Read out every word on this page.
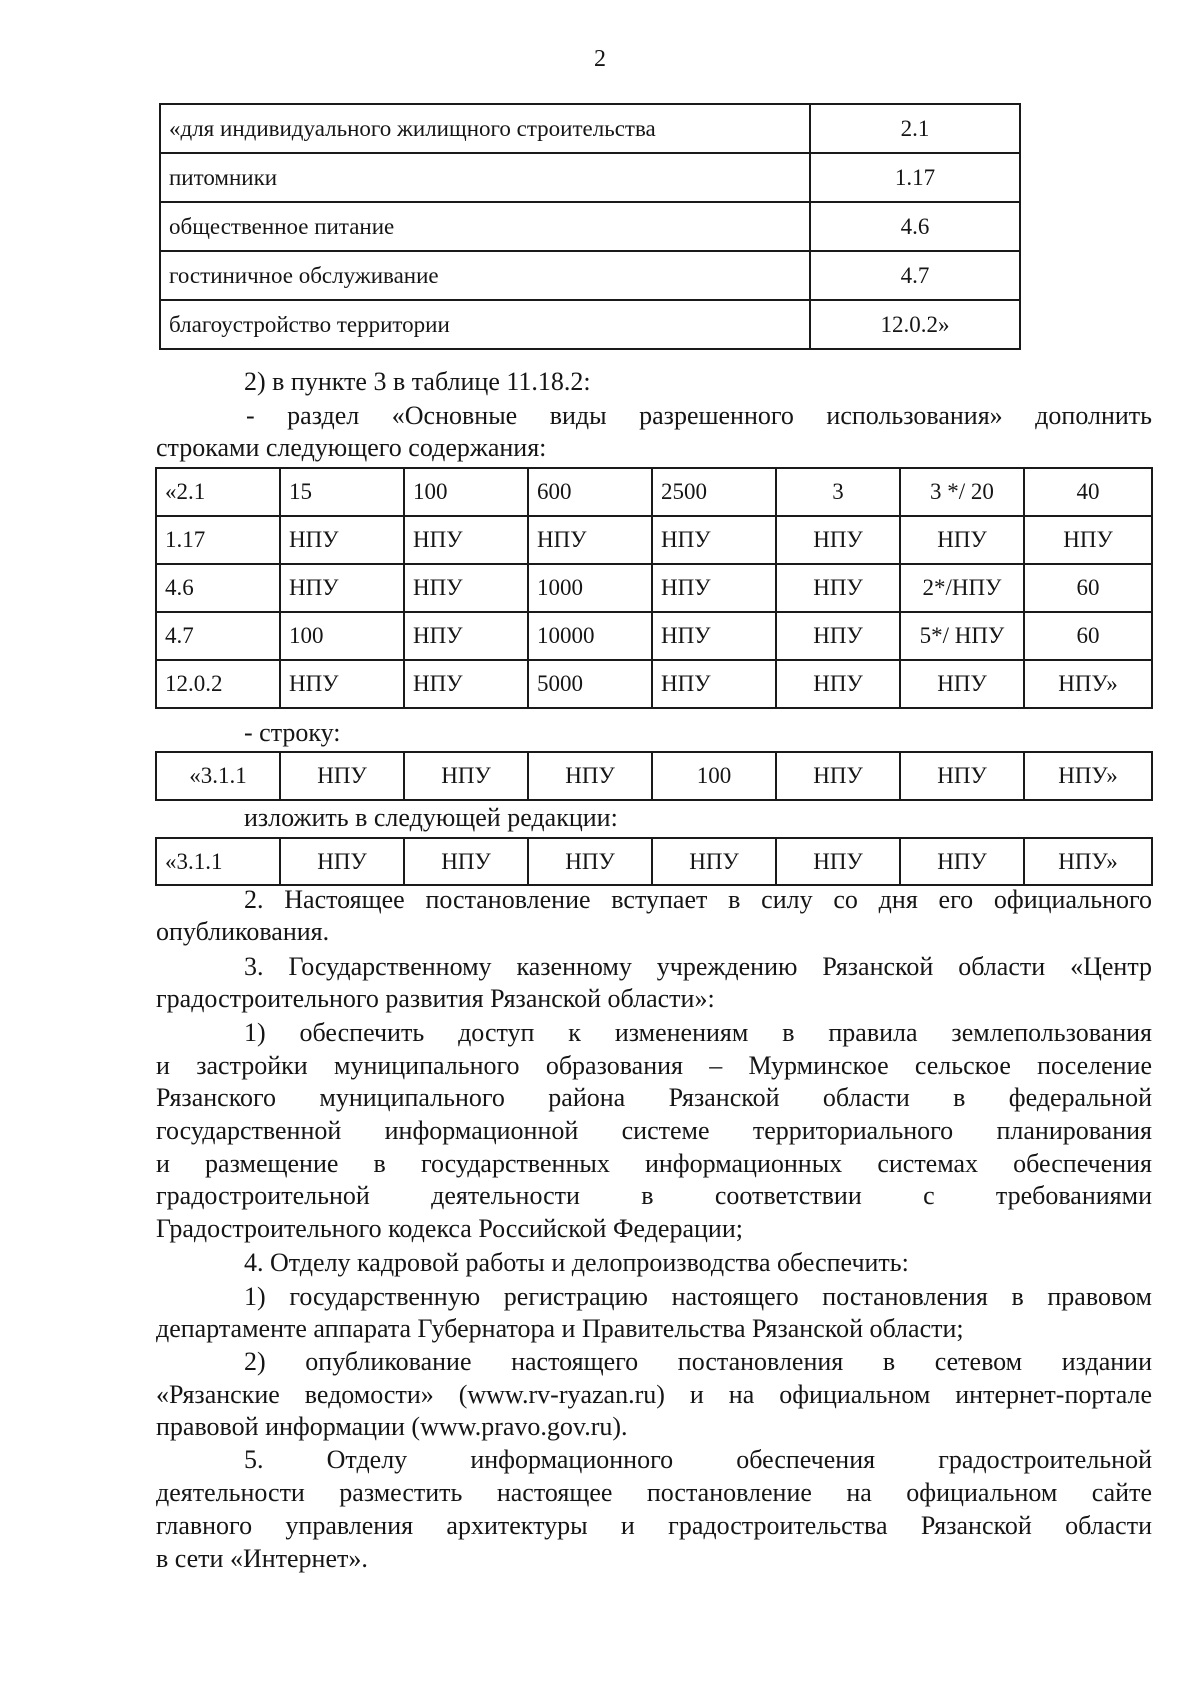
2
«для индивидуального жилищного строительства	2.1
питомники	1.17
общественное питание	4.6
гостиничное обслуживание	4.7
благоустройство территории	12.0.2»
2) в пункте 3 в таблице 11.18.2:
- раздел «Основные виды разрешенного использования» дополнить
строками следующего содержания:
«2.1	15	100	600	2500	3	3 */ 20	40
1.17	НПУ	НПУ	НПУ	НПУ	НПУ	НПУ	НПУ
4.6	НПУ	НПУ	1000	НПУ	НПУ	2*/НПУ	60
4.7	100	НПУ	10000	НПУ	НПУ	5*/ НПУ	60
12.0.2	НПУ	НПУ	5000	НПУ	НПУ	НПУ	НПУ»
- строку:
«3.1.1	НПУ	НПУ	НПУ	100	НПУ	НПУ	НПУ»
изложить в следующей редакции:
«3.1.1	НПУ	НПУ	НПУ	НПУ	НПУ	НПУ	НПУ»
2. Настоящее постановление вступает в силу со дня его официального
опубликования.
3. Государственному казенному учреждению Рязанской области «Центр
градостроительного развития Рязанской области»:
1) обеспечить доступ к изменениям в правила землепользования
и застройки муниципального образования – Мурминское сельское поселение
Рязанского муниципального района Рязанской области в федеральной
государственной информационной системе территориального планирования
и размещение в государственных информационных системах обеспечения
градостроительной деятельности в соответствии с требованиями
Градостроительного кодекса Российской Федерации;
4. Отделу кадровой работы и делопроизводства обеспечить:
1) государственную регистрацию настоящего постановления в правовом
департаменте аппарата Губернатора и Правительства Рязанской области;
2) опубликование настоящего постановления в сетевом издании
«Рязанские ведомости» (www.rv-ryazan.ru) и на официальном интернет-портале
правовой информации (www.pravo.gov.ru).
5. Отделу информационного обеспечения градостроительной
деятельности разместить настоящее постановление на официальном сайте
главного управления архитектуры и градостроительства Рязанской области
в сети «Интернет».
